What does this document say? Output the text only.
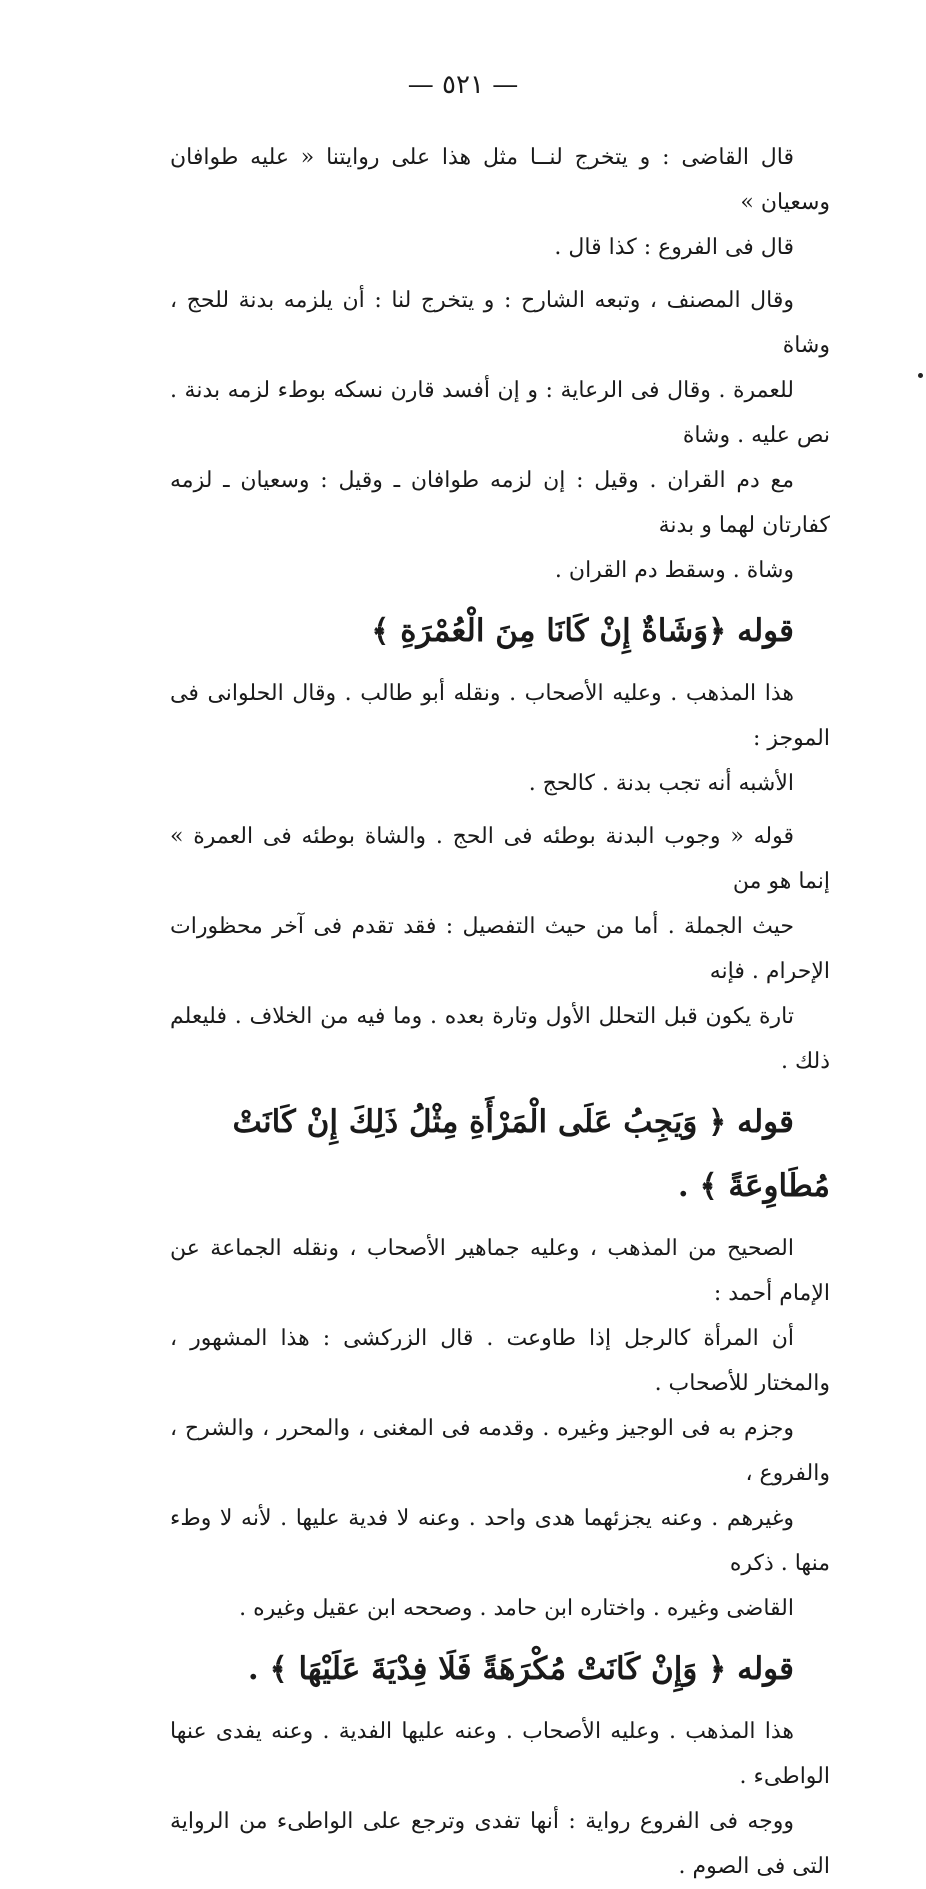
— ٥٢١ —
قال القاضى : و يتخرج لنــا مثل هذا على روايتنا « عليه طوافان وسعيان »
قال فى الفروع : كذا قال .
وقال المصنف ، وتبعه الشارح : و يتخرج لنا : أن يلزمه بدنة للحج ، وشاة
للعمرة . وقال فى الرعاية : و إن أفسد قارن نسكه بوطء لزمه بدنة . نص عليه . وشاة
مع دم القران . وقيل : إن لزمه طوافان ـ وقيل : وسعيان ـ لزمه كفارتان لهما و بدنة
وشاة . وسقط دم القران .
قوله ﴿وَشَاةٌ إِنْ كَانَا مِنَ الْعُمْرَةِ ﴾
هذا المذهب . وعليه الأصحاب . ونقله أبو طالب . وقال الحلوانى فى الموجز :
الأشبه أنه تجب بدنة . كالحج .
قوله « وجوب البدنة بوطئه فى الحج . والشاة بوطئه فى العمرة » إنما هو من
حيث الجملة . أما من حيث التفصيل : فقد تقدم فى آخر محظورات الإحرام . فإنه
تارة يكون قبل التحلل الأول وتارة بعده . وما فيه من الخلاف . فليعلم ذلك .
قوله ﴿ وَيَجِبُ عَلَى الْمَرْأَةِ مِثْلُ ذَلِكَ إِنْ كَانَتْ مُطَاوِعَةً ﴾ .
الصحيح من المذهب ، وعليه جماهير الأصحاب ، ونقله الجماعة عن الإمام أحمد :
أن المرأة كالرجل إذا طاوعت . قال الزركشى : هذا المشهور ، والمختار للأصحاب .
وجزم به فى الوجيز وغيره . وقدمه فى المغنى ، والمحرر ، والشرح ، والفروع ،
وغيرهم . وعنه يجزئهما هدى واحد . وعنه لا فدية عليها . لأنه لا وطء منها . ذكره
القاضى وغيره . واختاره ابن حامد . وصححه ابن عقيل وغيره .
قوله ﴿ وَإِنْ كَانَتْ مُكْرَهَةً فَلَا فِدْيَةَ عَلَيْهَا ﴾ .
هذا المذهب . وعليه الأصحاب . وعنه عليها الفدية . وعنه يفدى عنها الواطىء .
ووجه فى الفروع رواية : أنها تفدى وترجع على الواطىء من الرواية التى فى الصوم .
